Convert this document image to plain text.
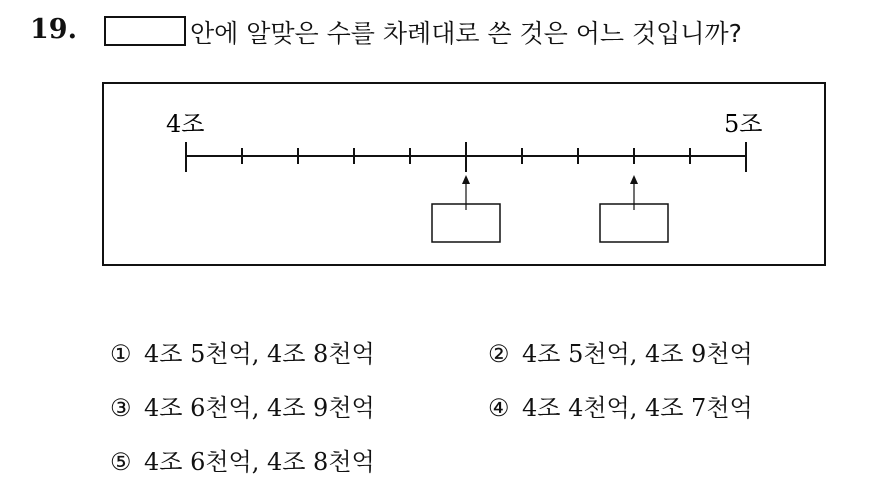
19.	안에 알맞은 수를 차례대로 쓴 것은 어느 것입니까?
4조	5조
① 4조 5천억, 4조 8천억	② 4조 5천억, 4조 9천억
③ 4조 6천억, 4조 9천억	④ 4조 4천억, 4조 7천억
⑤ 4조 6천억, 4조 8천억
